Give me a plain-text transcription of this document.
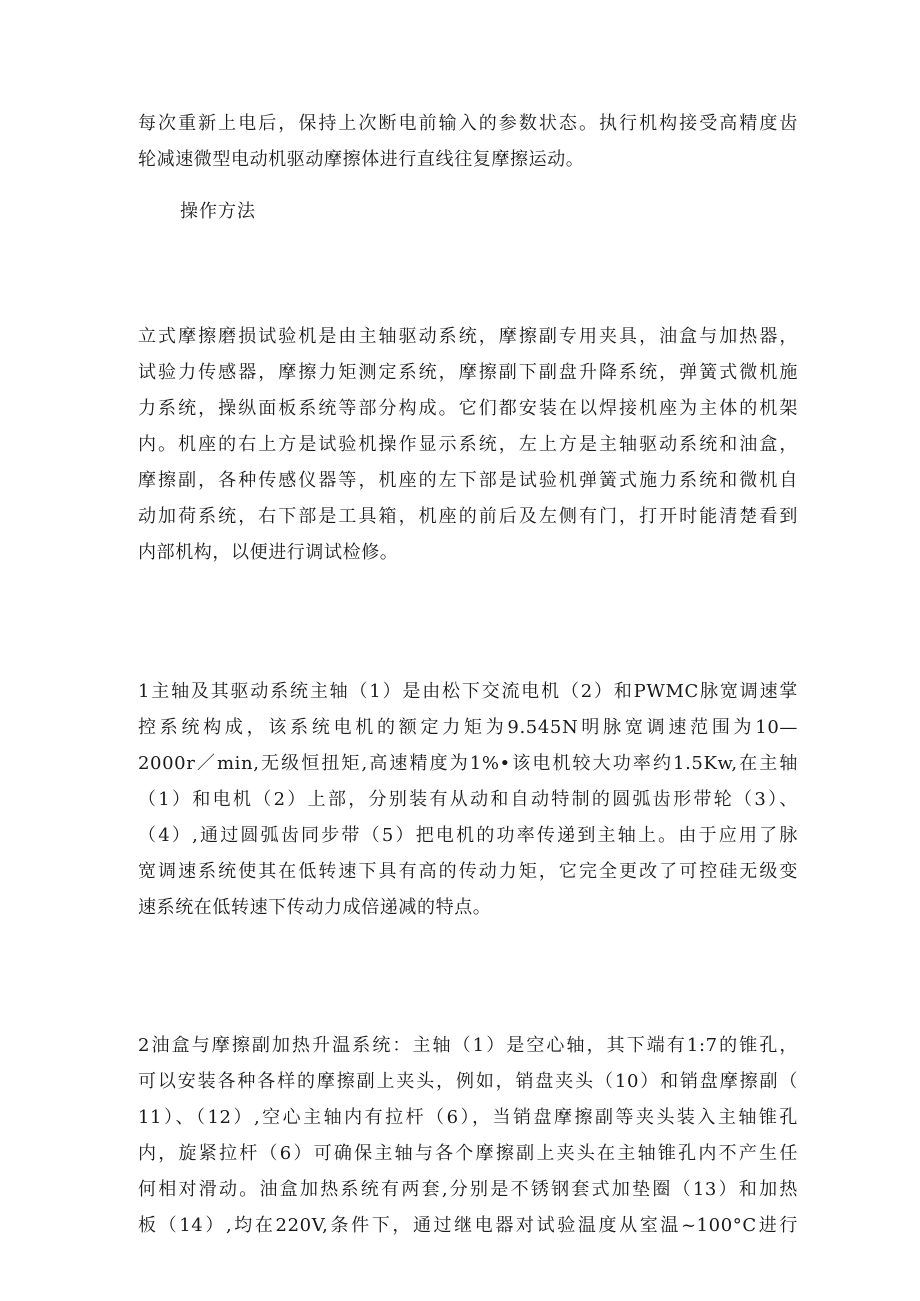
每次重新上电后，保持上次断电前输入的参数状态。执行机构接受高精度齿
轮减速微型电动机驱动摩擦体进行直线往复摩擦运动。
操作方法
立式摩擦磨损试验机是由主轴驱动系统，摩擦副专用夹具，油盒与加热器，
试验力传感器，摩擦力矩测定系统，摩擦副下副盘升降系统，弹簧式微机施
力系统，操纵面板系统等部分构成。它们都安装在以焊接机座为主体的机架
内。机座的右上方是试验机操作显示系统，左上方是主轴驱动系统和油盒，
摩擦副，各种传感仪器等，机座的左下部是试验机弹簧式施力系统和微机自
动加荷系统，右下部是工具箱，机座的前后及左侧有门，打开时能清楚看到
内部机构，以便进行调试检修。
1主轴及其驱动系统主轴（1）是由松下交流电机（2）和PWMC脉宽调速掌
控系统构成，该系统电机的额定力矩为9.545N明脉宽调速范围为10—
2000r／min,无级恒扭矩,高速精度为1%•该电机较大功率约1.5Kw,在主轴
（1）和电机（2）上部，分别装有从动和自动特制的圆弧齿形带轮（3）、
（4）,通过圆弧齿同步带（5）把电机的功率传递到主轴上。由于应用了脉
宽调速系统使其在低转速下具有高的传动力矩，它完全更改了可控硅无级变
速系统在低转速下传动力成倍递减的特点。
2油盒与摩擦副加热升温系统：主轴（1）是空心轴，其下端有1:7的锥孔，
可以安装各种各样的摩擦副上夹头，例如，销盘夹头（10）和销盘摩擦副（
11）、（12）,空心主轴内有拉杆（6），当销盘摩擦副等夹头装入主轴锥孔
内，旋紧拉杆（6）可确保主轴与各个摩擦副上夹头在主轴锥孔内不产生任
何相对滑动。油盒加热系统有两套,分别是不锈钢套式加垫圈（13）和加热
板（14）,均在220V,条件下，通过继电器对试验温度从室温~100°C进行
